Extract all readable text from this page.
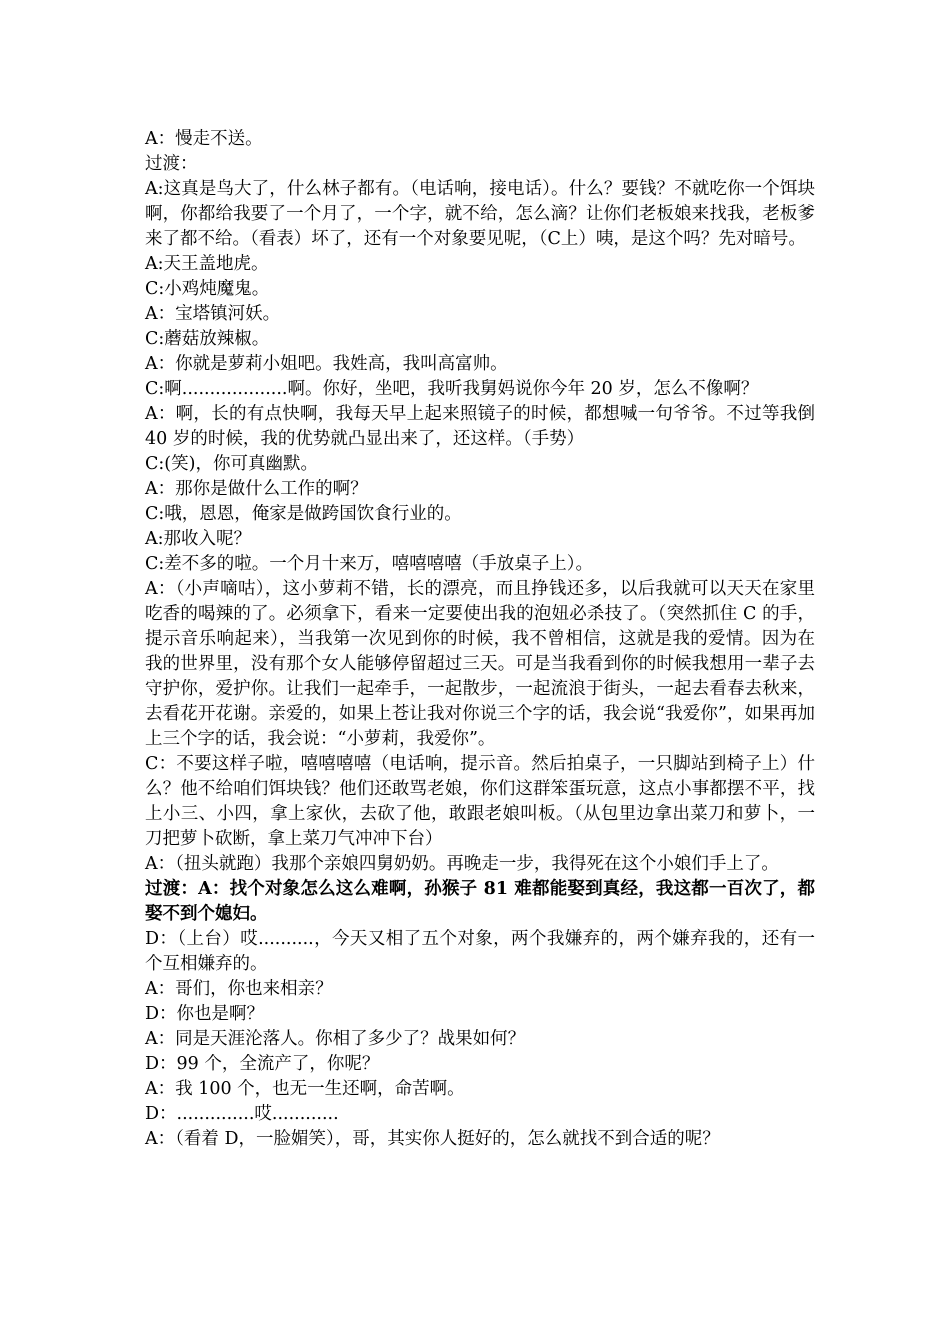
A：慢走不送。

过渡：

A:这真是鸟大了，什么林子都有。（电话响，接电话）。什么？要钱？不就吃你一个饵块啊，你都给我要了一个月了，一个字，就不给，怎么滴？让你们老板娘来找我，老板爹来了都不给。（看表）坏了，还有一个对象要见呢，（C上）咦，是这个吗？先对暗号。

A:天王盖地虎。

C:小鸡炖魔鬼。

A：宝塔镇河妖。

C:蘑菇放辣椒。

A：你就是萝莉小姐吧。我姓高，我叫高富帅。

C:啊...................啊。你好，坐吧，我听我舅妈说你今年 20 岁，怎么不像啊？

A：啊，长的有点快啊，我每天早上起来照镜子的时候，都想喊一句爷爷。不过等我倒 40 岁的时候，我的优势就凸显出来了，还这样。（手势）

C:(笑)，你可真幽默。

A：那你是做什么工作的啊？

C:哦，恩恩，俺家是做跨国饮食行业的。

A:那收入呢？

C:差不多的啦。一个月十来万，嘻嘻嘻嘻（手放桌子上）。

A：（小声嘀咕），这小萝莉不错，长的漂亮，而且挣钱还多，以后我就可以天天在家里吃香的喝辣的了。必须拿下，看来一定要使出我的泡妞必杀技了。（突然抓住 C 的手，提示音乐响起来），当我第一次见到你的时候，我不曾相信，这就是我的爱情。因为在我的世界里，没有那个女人能够停留超过三天。可是当我看到你的时候我想用一辈子去守护你，爱护你。让我们一起牵手，一起散步，一起流浪于街头，一起去看春去秋来，去看花开花谢。亲爱的，如果上苍让我对你说三个字的话，我会说“我爱你”，如果再加上三个字的话，我会说：“小萝莉，我爱你”。

C：不要这样子啦，嘻嘻嘻嘻（电话响，提示音。然后拍桌子，一只脚站到椅子上）什么？他不给咱们饵块钱？他们还敢骂老娘，你们这群笨蛋玩意，这点小事都摆不平，找上小三、小四，拿上家伙，去砍了他，敢跟老娘叫板。（从包里边拿出菜刀和萝卜，一刀把萝卜砍断，拿上菜刀气冲冲下台）

A：（扭头就跑）我那个亲娘四舅奶奶。再晚走一步，我得死在这个小娘们手上了。

过渡：A：找个对象怎么这么难啊，孙猴子 81 难都能娶到真经，我这都一百次了，都娶不到个媳妇。

D：（上台）哎..........，今天又相了五个对象，两个我嫌弃的，两个嫌弃我的，还有一个互相嫌弃的。

A：哥们，你也来相亲？

D：你也是啊？

A：同是天涯沦落人。你相了多少了？战果如何？

D：99 个，全流产了，你呢？

A：我 100 个，也无一生还啊，命苦啊。

D：..............哎............

A：（看着 D，一脸媚笑），哥，其实你人挺好的，怎么就找不到合适的呢？
